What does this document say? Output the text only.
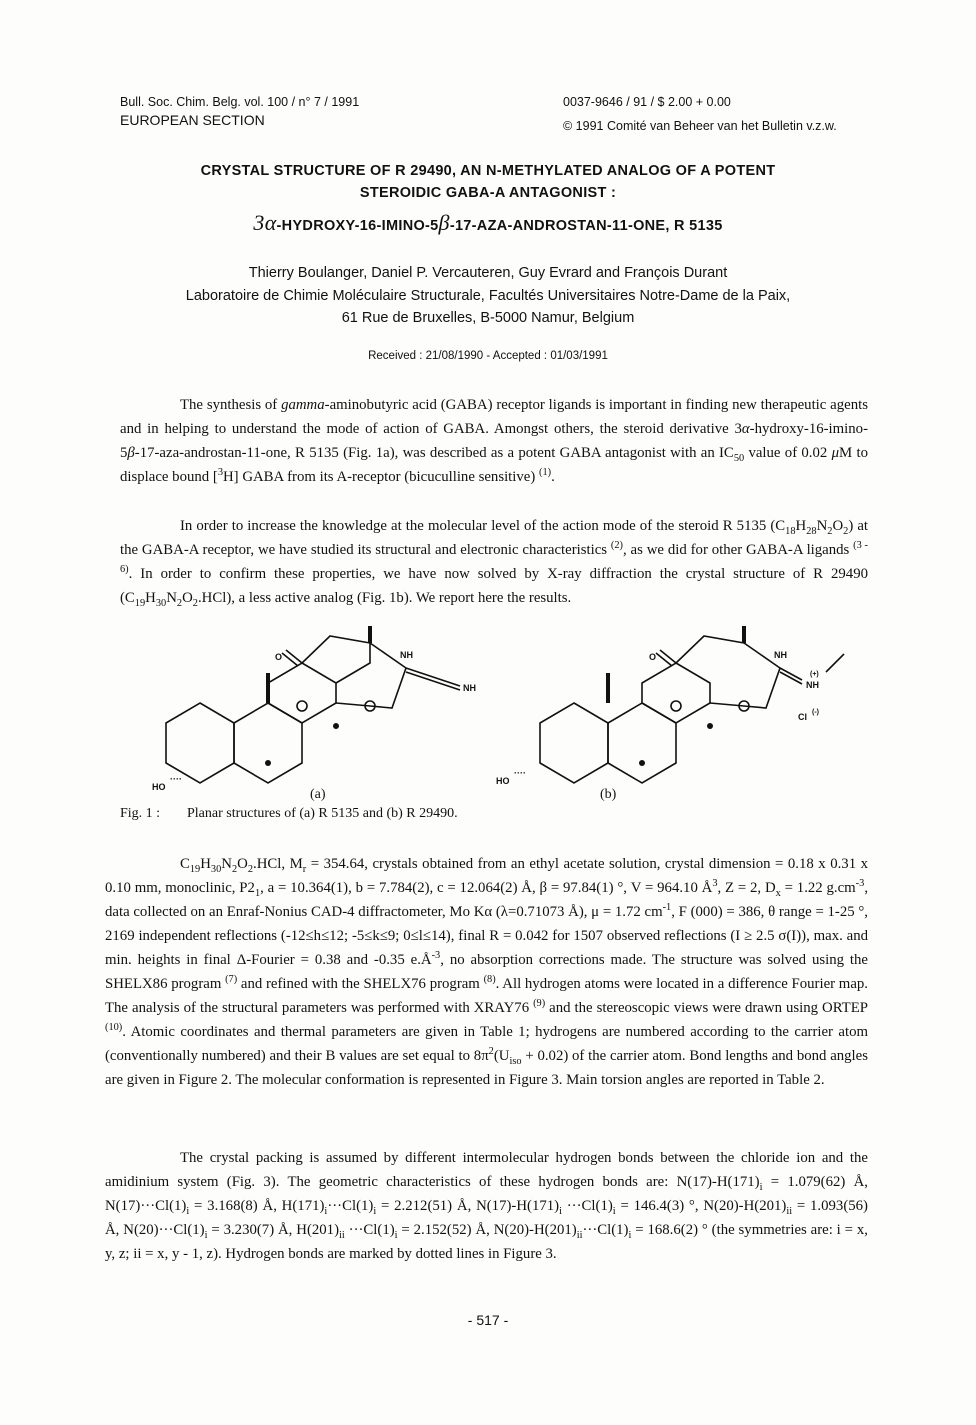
Bull. Soc. Chim. Belg. vol. 100 / n° 7 / 1991
EUROPEAN SECTION
0037-9646 / 91 / $ 2.00 + 0.00
© 1991 Comité van Beheer van het Bulletin v.z.w.
CRYSTAL STRUCTURE OF R 29490, AN N-METHYLATED ANALOG OF A POTENT
STEROIDIC GABA-A ANTAGONIST :
3α-HYDROXY-16-IMINO-5β-17-AZA-ANDROSTAN-11-ONE, R 5135
Thierry Boulanger, Daniel P. Vercauteren, Guy Evrard and François Durant
Laboratoire de Chimie Moléculaire Structurale, Facultés Universitaires Notre-Dame de la Paix,
61 Rue de Bruxelles, B-5000 Namur, Belgium
Received : 21/08/1990 - Accepted : 01/03/1991

The synthesis of gamma-aminobutyric acid (GABA) receptor ligands is important in finding new therapeutic agents and in helping to understand the mode of action of GABA. Amongst others, the steroid derivative 3α-hydroxy-16-imino-5β-17-aza-androstan-11-one, R 5135 (Fig. 1a), was described as a potent GABA antagonist with an $IC_{50}$ value of 0.02 μM to displace bound [$^3$H] GABA from its A-receptor (bicuculline sensitive) $^{(1)}$.

In order to increase the knowledge at the molecular level of the action mode of the steroid R 5135 $(C_{18}H_{28}N_2O_2)$ at the GABA-A receptor, we have studied its structural and electronic characteristics $^{(2)}$, as we did for other GABA-A ligands $^{(3 - 6)}$. In order to confirm these properties, we have now solved by X-ray diffraction the crystal structure of R 29490 $(C_{19}H_{30}N_2O_2.HCl)$, a less active analog (Fig. 1b). We report here the results.

O	NH
NH
HO
····
(a)
O	NH
NH
(+)
Cl (-)
HO
····
(b)
Fig. 1 : Planar structures of (a) R 5135 and (b) R 29490.

$C_{19}H_{30}N_2O_2.HCl$, $M_r = 354.64$, crystals obtained from an ethyl acetate solution, crystal dimension = 0.18 x 0.31 x 0.10 mm, monoclinic, $P2_1$, a = 10.364(1), b = 7.784(2), c = 12.064(2) Å, β = 97.84(1) °, V = 964.10 $Å^3$, Z = 2, $D_x = 1.22$ $g.cm^{-3}$, data collected on an Enraf-Nonius CAD-4 diffractometer, Mo Kα (λ=0.71073 Å), μ = 1.72 $cm^{-1}$, F (000) = 386, θ range = 1-25 °, 2169 independent reflections (-12≤h≤12; -5≤k≤9; 0≤l≤14), final R = 0.042 for 1507 observed reflections (I ≥ 2.5 σ(I)), max. and min. heights in final Δ-Fourier = 0.38 and -0.35 $e.Å^{-3}$, no absorption corrections made. The structure was solved using the SHELX86 program $^{(7)}$ and refined with the SHELX76 program $^{(8)}$. All hydrogen atoms were located in a difference Fourier map. The analysis of the structural parameters was performed with XRAY76 $^{(9)}$ and the stereoscopic views were drawn using ORTEP $^{(10)}$. Atomic coordinates and thermal parameters are given in Table 1; hydrogens are numbered according to the carrier atom (conventionally numbered) and their B values are set equal to $8\pi^2(U_{iso} + 0.02)$ of the carrier atom. Bond lengths and bond angles are given in Figure 2. The molecular conformation is represented in Figure 3. Main torsion angles are reported in Table 2.

The crystal packing is assumed by different intermolecular hydrogen bonds between the chloride ion and the amidinium system (Fig. 3). The geometric characteristics of these hydrogen bonds are: $N(17)-H(171)_i = 1.079(62)$ Å, $N(17)\cdot\cdot\cdot Cl(1)_i = 3.168(8)$ Å, $H(171)_i\cdot\cdot\cdot Cl(1)_i = 2.212(51)$ Å, $N(17)-H(171)_i \cdot\cdot\cdot Cl(1)_i = 146.4(3)$ °, $N(20)-H(201)_{ii} = 1.093(56)$ Å, $N(20)\cdot\cdot\cdot Cl(1)_i = 3.230(7)$ Å, $H(201)_{ii} \cdot\cdot\cdot Cl(1)_i = 2.152(52)$ Å, $N(20)-H(201)_{ii}\cdot\cdot\cdot Cl(1)_i = 168.6(2)$ ° (the symmetries are: i = x, y, z; ii = x, y - 1, z). Hydrogen bonds are marked by dotted lines in Figure 3.

- 517 -
